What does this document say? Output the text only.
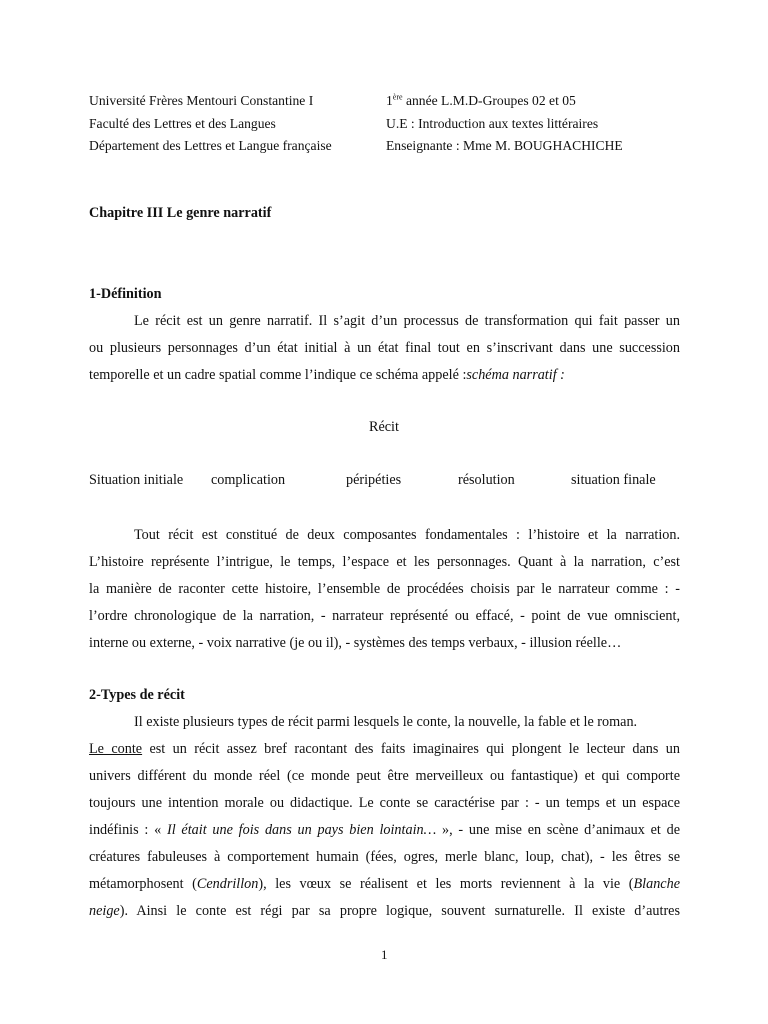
Université Frères Mentouri Constantine I
Faculté des Lettres et des Langues
Département des Lettres et Langue française
1ère année L.M.D-Groupes 02 et 05
U.E : Introduction aux textes littéraires
Enseignante : Mme M. BOUGHACHICHE
Chapitre III Le genre narratif
1-Définition
Le récit est un genre narratif. Il s’agit d’un processus de transformation qui fait passer un
ou plusieurs personnages d’un état initial à un état final tout en s’inscrivant dans une succession
temporelle et un cadre spatial comme l’indique ce schéma appelé :schéma narratif :
Récit
Situation initiale complication	péripéties	résolution	situation finale
Tout récit est constitué de deux composantes fondamentales : l’histoire et la narration.
L’histoire représente l’intrigue, le temps, l’espace et les personnages. Quant à la narration, c’est
la manière de raconter cette histoire, l’ensemble de procédées choisis par le narrateur comme : -
l’ordre chronologique de la narration, - narrateur représenté ou effacé, - point de vue omniscient,
interne ou externe, - voix narrative (je ou il), - systèmes des temps verbaux, - illusion réelle…
2-Types de récit
Il existe plusieurs types de récit parmi lesquels le conte, la nouvelle, la fable et le roman.
Le conte est un récit assez bref racontant des faits imaginaires qui plongent le lecteur dans un
univers différent du monde réel (ce monde peut être merveilleux ou fantastique) et qui comporte
toujours une intention morale ou didactique. Le conte se caractérise par : - un temps et un espace
indéfinis : « Il était une fois dans un pays bien lointain… », - une mise en scène d’animaux et de
créatures fabuleuses à comportement humain (fées, ogres, merle blanc, loup, chat), - les êtres se
métamorphosent (Cendrillon), les vœux se réalisent et les morts reviennent à la vie (Blanche
neige). Ainsi le conte est régi par sa propre logique, souvent surnaturelle. Il existe d’autres
1
